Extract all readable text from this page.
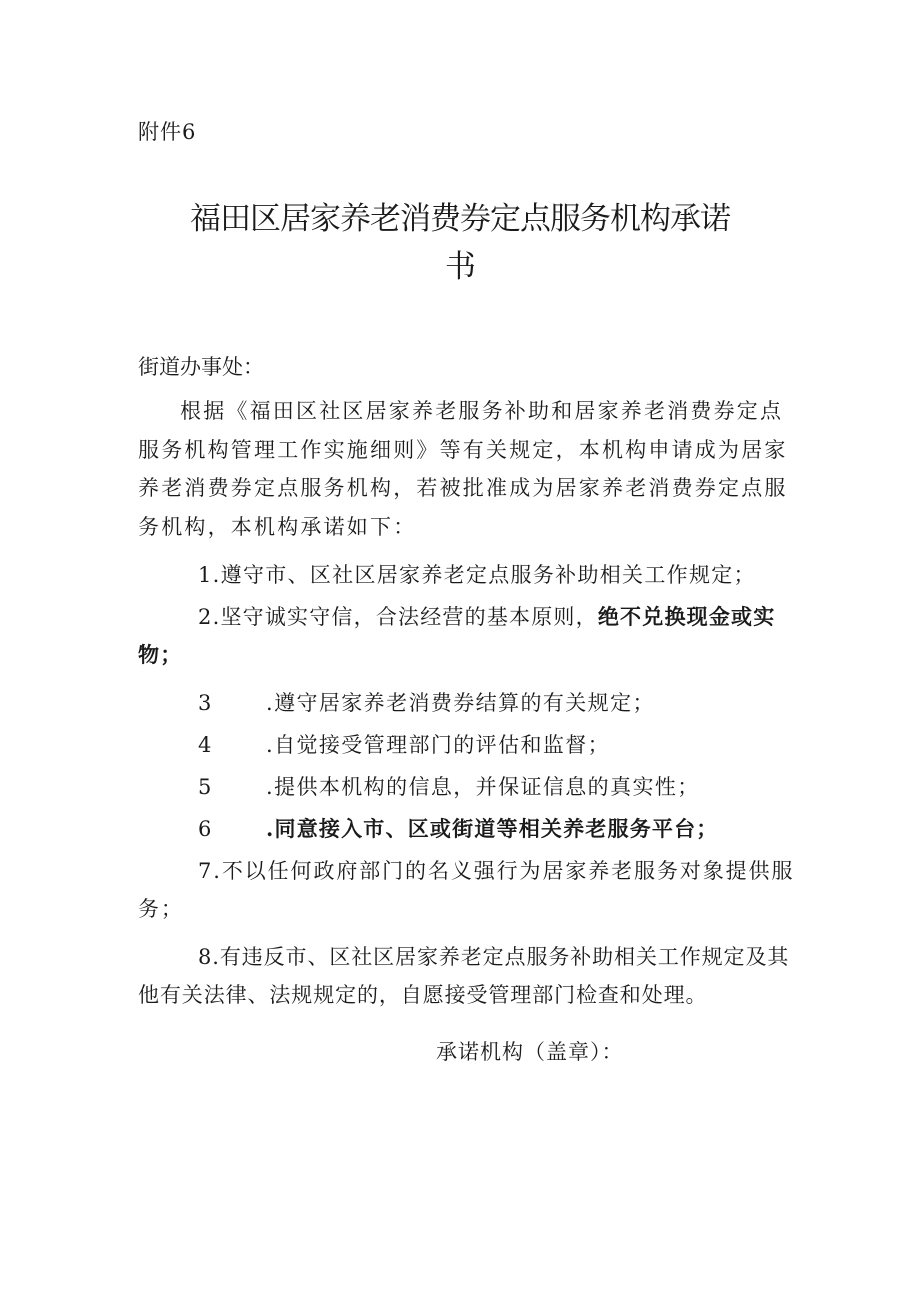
附件6
福田区居家养老消费券定点服务机构承诺
书
街道办事处：
根据《福田区社区居家养老服务补助和居家养老消费券定点服务机构管理工作实施细则》等有关规定，本机构申请成为居家养老消费券定点服务机构，若被批准成为居家养老消费券定点服务机构，本机构承诺如下：
1.遵守市、区社区居家养老定点服务补助相关工作规定；
2.坚守诚实守信，合法经营的基本原则，绝不兑换现金或实物；
3	.遵守居家养老消费券结算的有关规定；
4	.自觉接受管理部门的评估和监督；
5	.提供本机构的信息，并保证信息的真实性；
6	.同意接入市、区或街道等相关养老服务平台；
7.不以任何政府部门的名义强行为居家养老服务对象提供服务；
8.有违反市、区社区居家养老定点服务补助相关工作规定及其他有关法律、法规规定的，自愿接受管理部门检查和处理。
承诺机构（盖章）：
